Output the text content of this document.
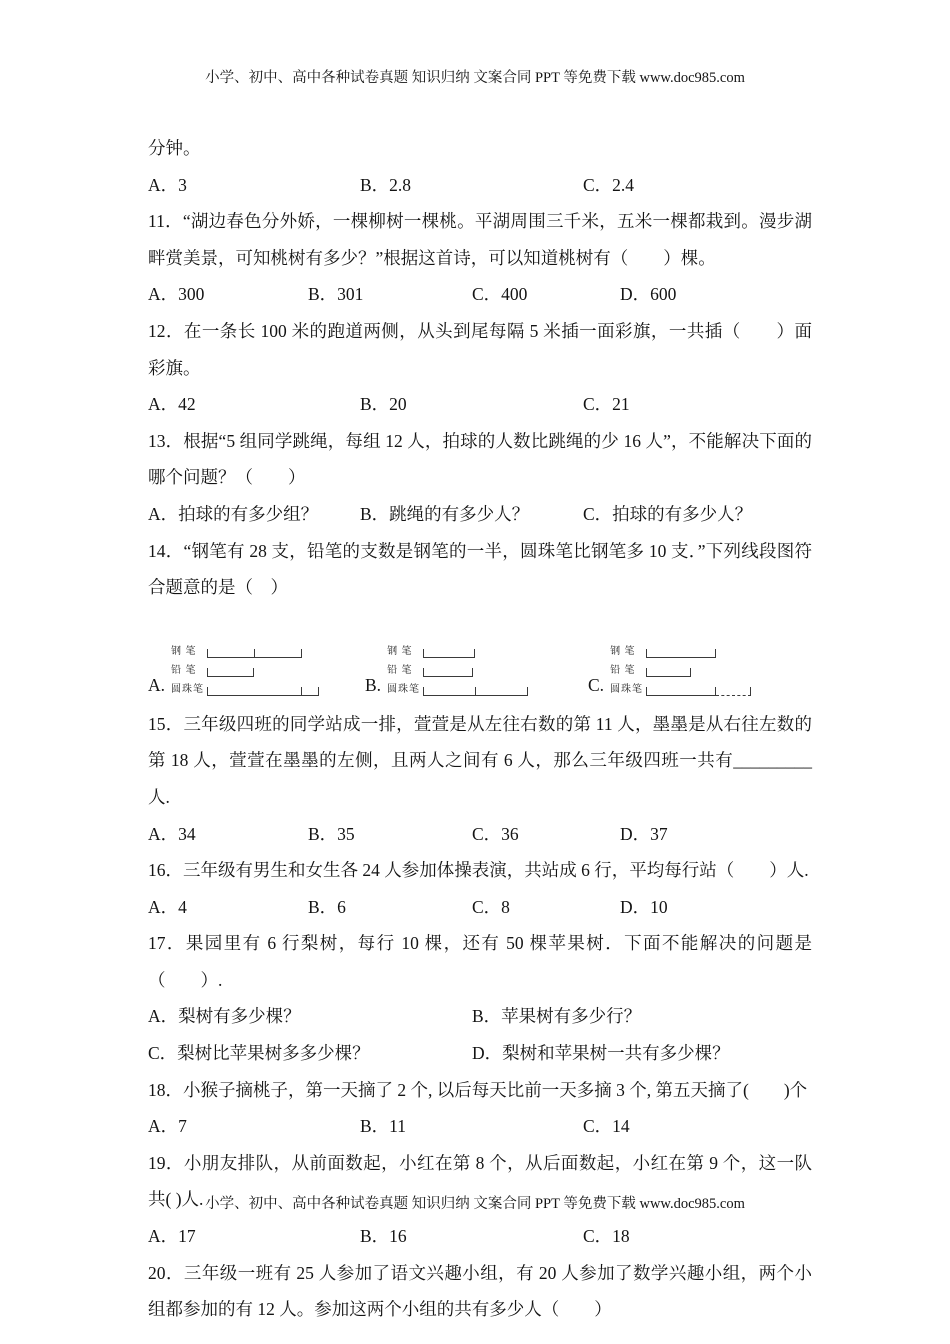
小学、初中、高中各种试卷真题 知识归纳 文案合同 PPT 等免费下载 www.doc985.com

分钟。

A．3	B．2.8	C．2.4

11．“湖边春色分外娇，一棵柳树一棵桃。平湖周围三千米，五米一棵都栽到。漫步湖畔赏美景，可知桃树有多少？”根据这首诗，可以知道桃树有（　　）棵。

A．300	B．301	C．400	D．600

12．在一条长 100 米的跑道两侧，从头到尾每隔 5 米插一面彩旗，一共插（　　）面彩旗。

A．42	B．20	C．21

13．根据“5 组同学跳绳，每组 12 人，拍球的人数比跳绳的少 16 人”，不能解决下面的哪个问题？（　　）

A．拍球的有多少组？	B．跳绳的有多少人？	C．拍球的有多少人？

14．“钢笔有 28 支，铅笔的支数是钢笔的一半，圆珠笔比钢笔多 10 支．”下列线段图符合题意的是（　）

A.
钢 笔
铅 笔
圆珠笔	B.
钢 笔
铅 笔
圆珠笔	C.
钢 笔
铅 笔
圆珠笔

15．三年级四班的同学站成一排，萱萱是从左往右数的第 11 人，墨墨是从右往左数的第 18 人，萱萱在墨墨的左侧，且两人之间有 6 人，那么三年级四班一共有_________人.

A．34	B．35	C．36	D．37

16．三年级有男生和女生各 24 人参加体操表演，共站成 6 行，平均每行站（　　）人.

A．4	B．6	C．8	D．10

17．果园里有 6 行梨树，每行 10 棵，还有 50 棵苹果树．下面不能解决的问题是（　　）.

A．梨树有多少棵？	B．苹果树有多少行？
C．梨树比苹果树多多少棵？	D．梨树和苹果树一共有多少棵？

18．小猴子摘桃子，第一天摘了 2 个, 以后每天比前一天多摘 3 个, 第五天摘了(　　)个

A．7	B．11	C．14

19．小朋友排队，从前面数起，小红在第 8 个，从后面数起，小红在第 9 个，这一队共( )人.

A．17	B．16	C．18

20．三年级一班有 25 人参加了语文兴趣小组，有 20 人参加了数学兴趣小组，两个小组都参加的有 12 人。参加这两个小组的共有多少人（　　）

小学、初中、高中各种试卷真题 知识归纳 文案合同 PPT 等免费下载 www.doc985.com
